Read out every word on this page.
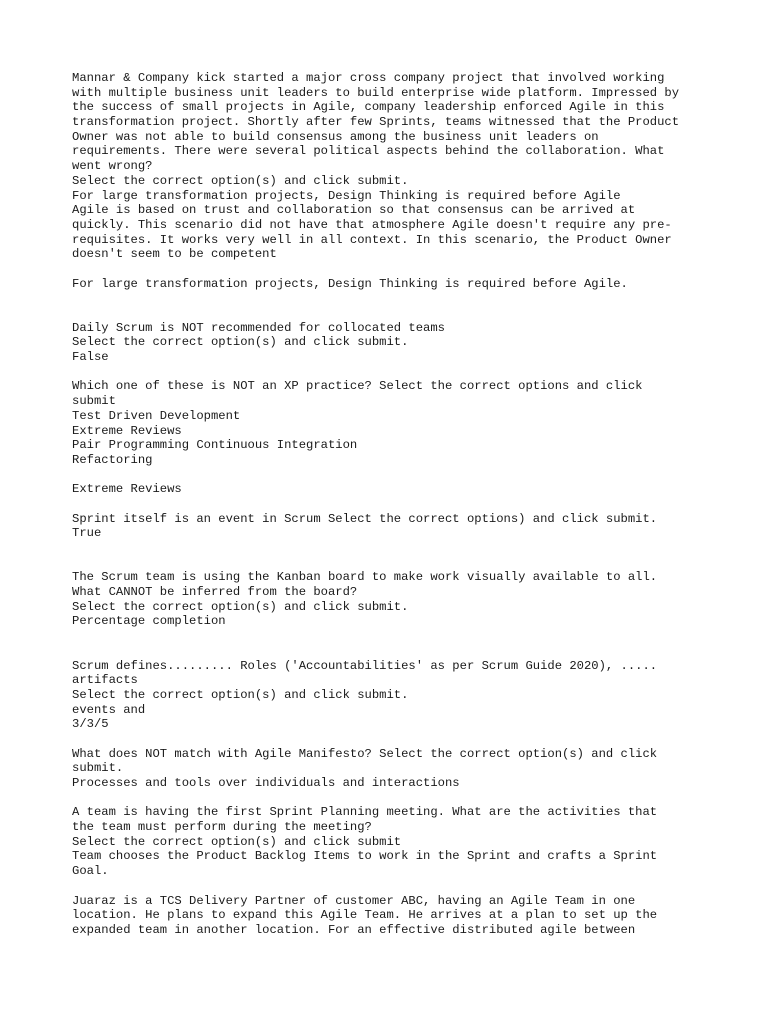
Mannar & Company kick started a major cross company project that involved working
with multiple business unit leaders to build enterprise wide platform. Impressed by
the success of small projects in Agile, company leadership enforced Agile in this
transformation project. Shortly after few Sprints, teams witnessed that the Product
Owner was not able to build consensus among the business unit leaders on
requirements. There were several political aspects behind the collaboration. What
went wrong?
Select the correct option(s) and click submit.
For large transformation projects, Design Thinking is required before Agile
Agile is based on trust and collaboration so that consensus can be arrived at
quickly. This scenario did not have that atmosphere Agile doesn't require any pre-
requisites. It works very well in all context. In this scenario, the Product Owner
doesn't seem to be competent
For large transformation projects, Design Thinking is required before Agile.
Daily Scrum is NOT recommended for collocated teams
Select the correct option(s) and click submit.
False
Which one of these is NOT an XP practice? Select the correct options and click
submit
Test Driven Development
Extreme Reviews
Pair Programming Continuous Integration
Refactoring
Extreme Reviews
Sprint itself is an event in Scrum Select the correct options) and click submit.
True
The Scrum team is using the Kanban board to make work visually available to all.
What CANNOT be inferred from the board?
Select the correct option(s) and click submit.
Percentage completion
Scrum defines......... Roles ('Accountabilities' as per Scrum Guide 2020), .....
artifacts
Select the correct option(s) and click submit.
events and
3/3/5
What does NOT match with Agile Manifesto? Select the correct option(s) and click
submit.
Processes and tools over individuals and interactions
A team is having the first Sprint Planning meeting. What are the activities that
the team must perform during the meeting?
Select the correct option(s) and click submit
Team chooses the Product Backlog Items to work in the Sprint and crafts a Sprint
Goal.
Juaraz is a TCS Delivery Partner of customer ABC, having an Agile Team in one
location. He plans to expand this Agile Team. He arrives at a plan to set up the
expanded team in another location. For an effective distributed agile between
